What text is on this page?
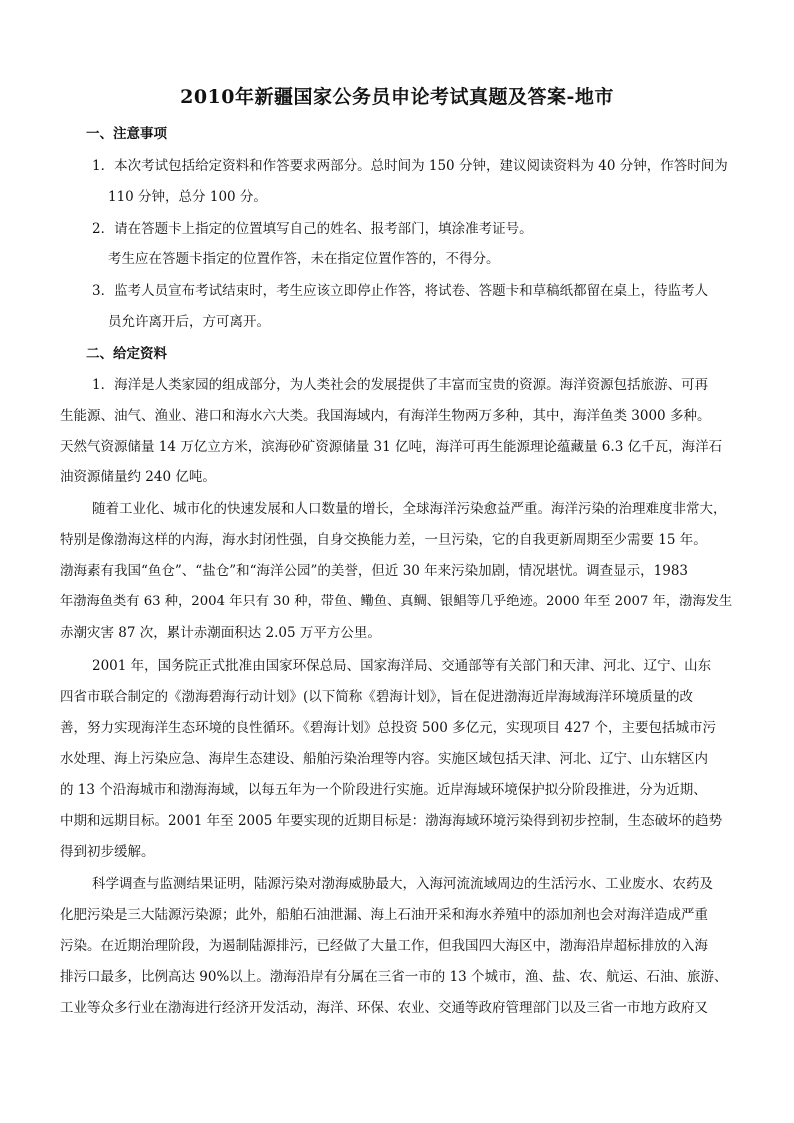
2010年新疆国家公务员申论考试真题及答案-地市
一、注意事项
1．本次考试包括给定资料和作答要求两部分。总时间为 150 分钟，建议阅读资料为 40 分钟，作答时间为
110 分钟，总分 100 分。
2．请在答题卡上指定的位置填写自己的姓名、报考部门，填涂准考证号。
考生应在答题卡指定的位置作答，未在指定位置作答的，不得分。
3．监考人员宣布考试结束时，考生应该立即停止作答，将试卷、答题卡和草稿纸都留在桌上，待监考人
员允许离开后，方可离开。
二、给定资料
1．海洋是人类家园的组成部分，为人类社会的发展提供了丰富而宝贵的资源。海洋资源包括旅游、可再
生能源、油气、渔业、港口和海水六大类。我国海域内，有海洋生物两万多种，其中，海洋鱼类 3000 多种。
天然气资源储量 14 万亿立方米，滨海砂矿资源储量 31 亿吨，海洋可再生能源理论蕴藏量 6.3 亿千瓦，海洋石
油资源储量约 240 亿吨。
随着工业化、城市化的快速发展和人口数量的增长，全球海洋污染愈益严重。海洋污染的治理难度非常大，
特别是像渤海这样的内海，海水封闭性强，自身交换能力差，一旦污染，它的自我更新周期至少需要 15 年。
渤海素有我国“鱼仓”、“盐仓”和“海洋公园”的美誉，但近 30 年来污染加剧，情况堪忧。调查显示，1983
年渤海鱼类有 63 种，2004 年只有 30 种，带鱼、鳓鱼、真鲷、银鲳等几乎绝迹。2000 年至 2007 年，渤海发生
赤潮灾害 87 次，累计赤潮面积达 2.05 万平方公里。
2001 年，国务院正式批准由国家环保总局、国家海洋局、交通部等有关部门和天津、河北、辽宁、山东
四省市联合制定的《渤海碧海行动计划》(以下简称《碧海计划》，旨在促进渤海近岸海域海洋环境质量的改
善，努力实现海洋生态环境的良性循环。《碧海计划》总投资 500 多亿元，实现项目 427 个，主要包括城市污
水处理、海上污染应急、海岸生态建设、船舶污染治理等内容。实施区域包括天津、河北、辽宁、山东辖区内
的 13 个沿海城市和渤海海域，以每五年为一个阶段进行实施。近岸海域环境保护拟分阶段推进，分为近期、
中期和远期目标。2001 年至 2005 年要实现的近期目标是：渤海海域环境污染得到初步控制，生态破坏的趋势
得到初步缓解。
科学调查与监测结果证明，陆源污染对渤海威胁最大，入海河流流域周边的生活污水、工业废水、农药及
化肥污染是三大陆源污染源；此外，船舶石油泄漏、海上石油开采和海水养殖中的添加剂也会对海洋造成严重
污染。在近期治理阶段，为遏制陆源排污，已经做了大量工作，但我国四大海区中，渤海沿岸超标排放的入海
排污口最多，比例高达 90%以上。渤海沿岸有分属在三省一市的 13 个城市，渔、盐、农、航运、石油、旅游、
工业等众多行业在渤海进行经济开发活动，海洋、环保、农业、交通等政府管理部门以及三省一市地方政府又
